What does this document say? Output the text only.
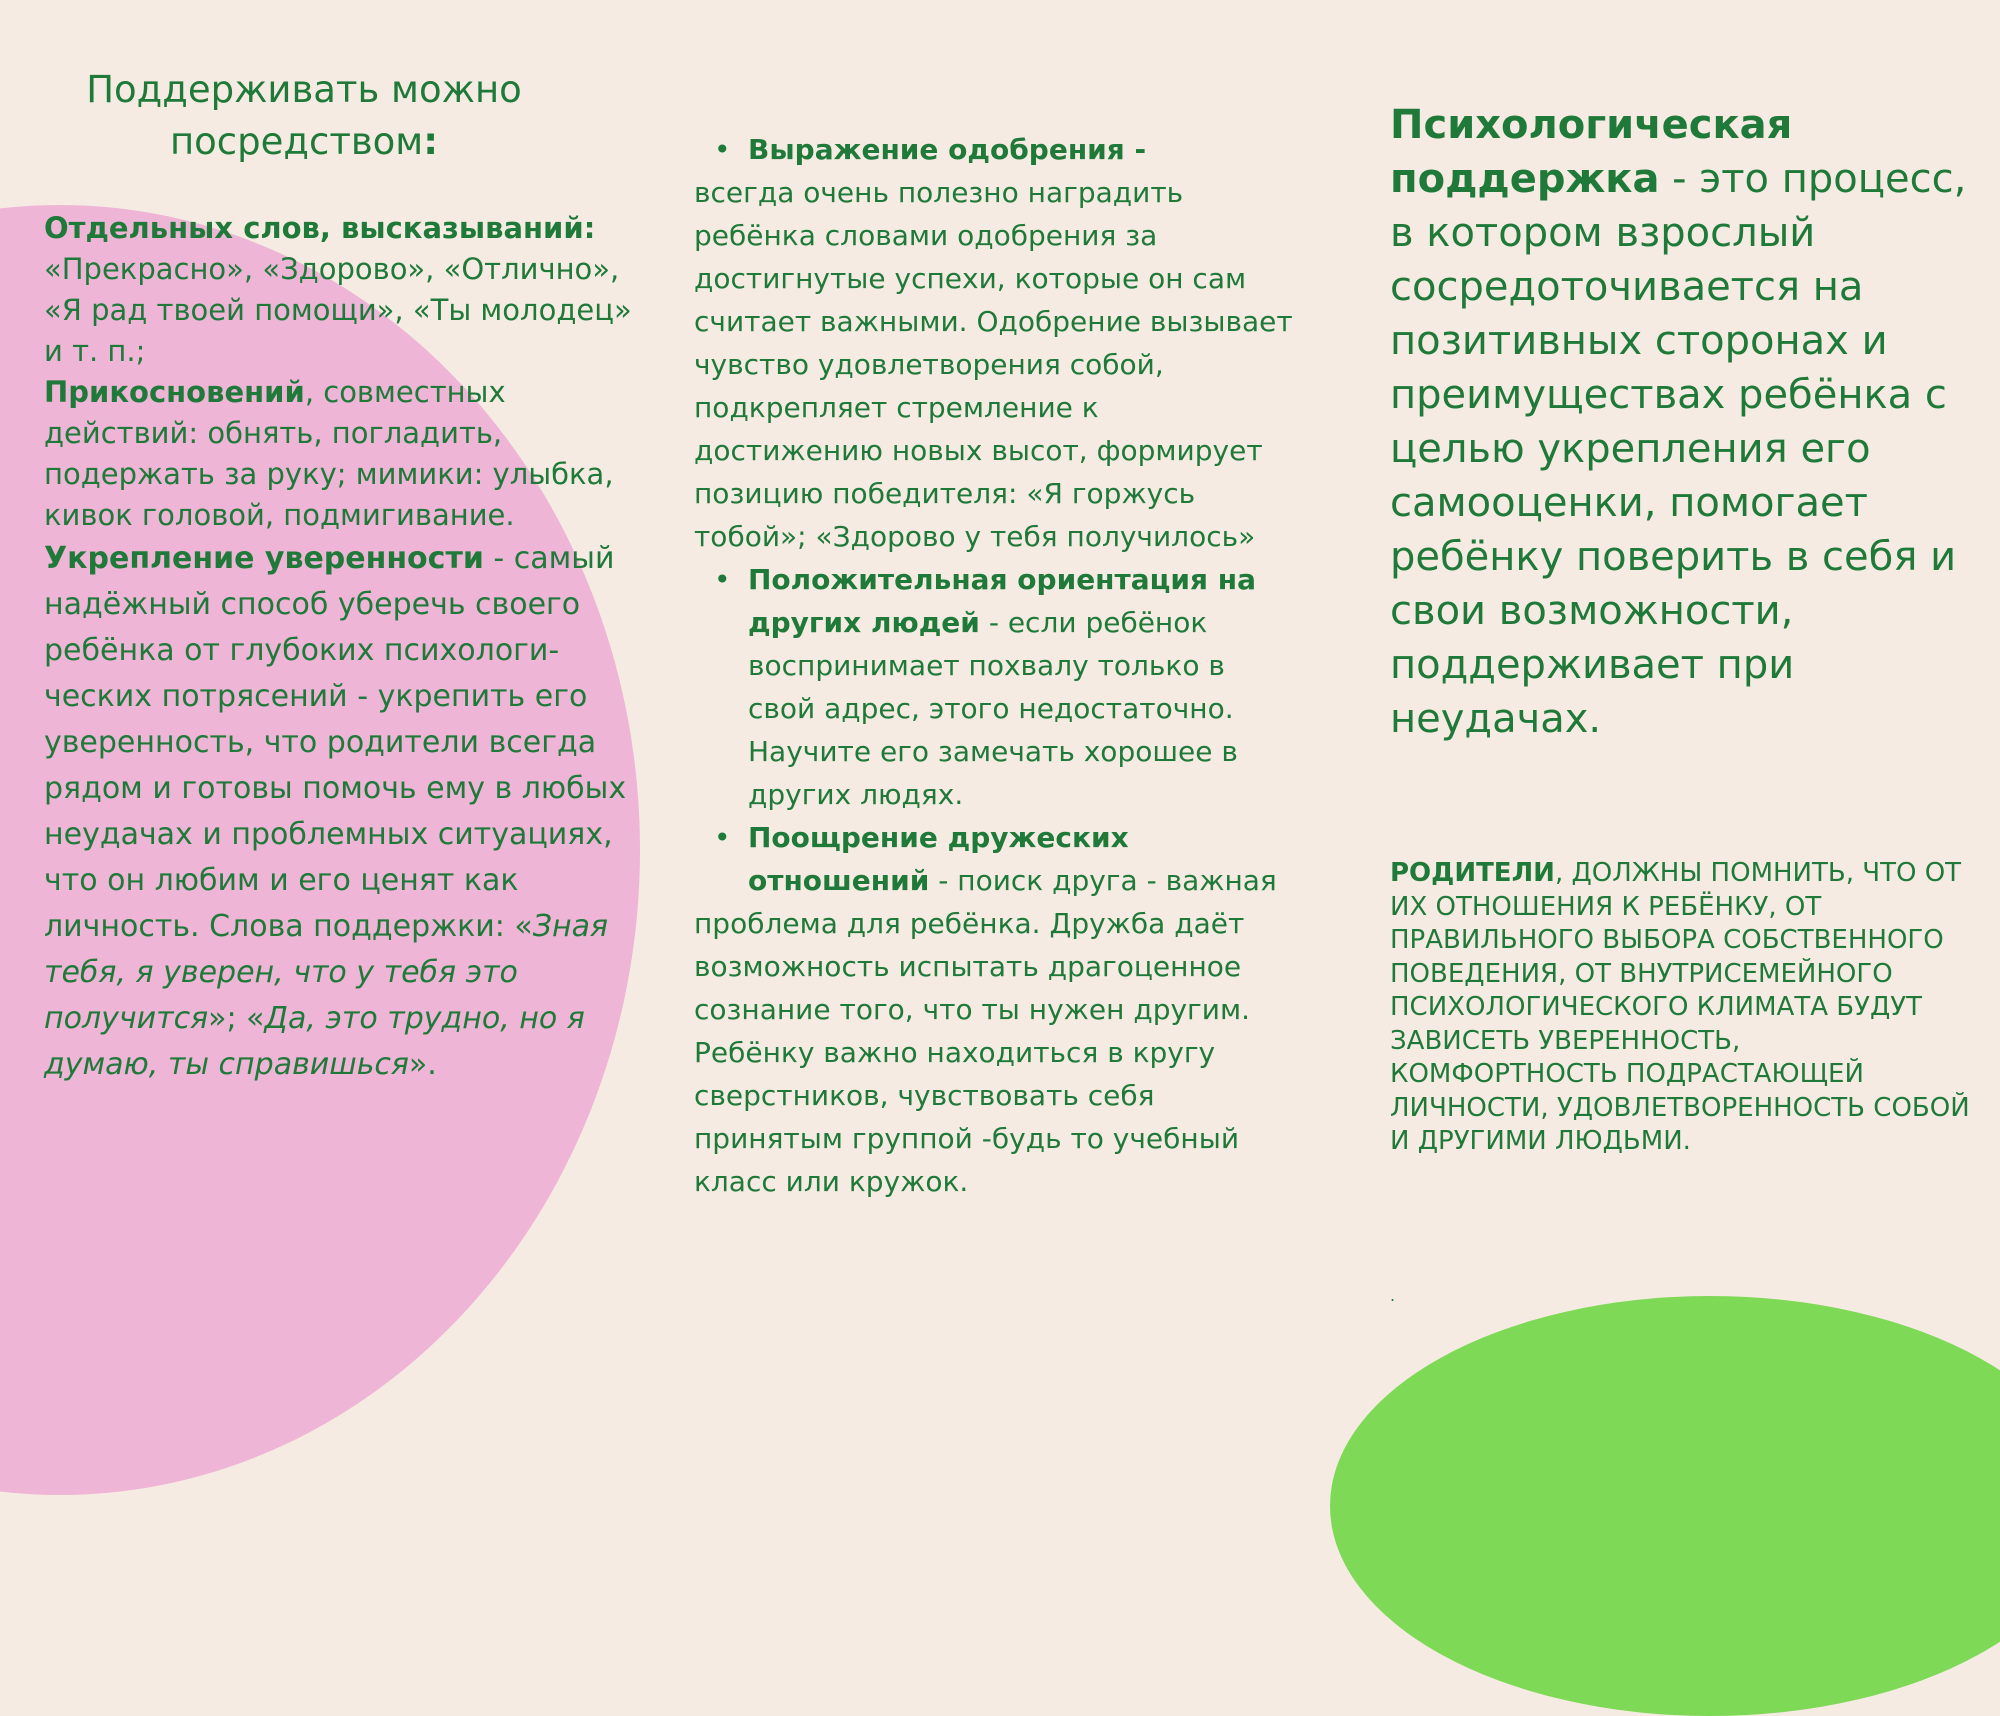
Поддерживать можно посредством:

Отдельных слов, высказываний: «Прекрасно», «Здорово», «Отлично», «Я рад твоей помощи», «Ты молодец» и т. п.;
Прикосновений, совместных действий: обнять, погладить, подержать за руку; мимики: улыбка, кивок головой, подмигивание.

Укрепление уверенности - самый надёжный способ уберечь своего ребёнка от глубоких психологи-ческих потрясений - укрепить его уверенность, что родители всегда рядом и готовы помочь ему в любых неудачах и проблемных ситуациях, что он любим и его ценят как личность. Слова поддержки: «Зная тебя, я уверен, что у тебя это получится»; «Да, это трудно, но я думаю, ты справишься».

• Выражение одобрения -
всегда очень полезно наградить ребёнка словами одобрения за достигнутые успехи, которые он сам считает важными. Одобрение вызывает чувство удовлетворения собой, подкрепляет стремление к достижению новых высот, формирует позицию победителя: «Я горжусь тобой»; «Здорово у тебя получилось»

• Положительная ориентация на других людей - если ребёнок воспринимает похвалу только в свой адрес, этого недостаточно. Научите его замечать хорошее в других людях.

• Поощрение дружеских отношений - поиск друга - важная

проблема для ребёнка. Дружба даёт возможность испытать драгоценное сознание того, что ты нужен другим. Ребёнку важно находиться в кругу сверстников, чувствовать себя принятым группой -будь то учебный класс или кружок.

Психологическая поддержка - это процесс, в котором взрослый сосредоточивается на позитивных сторонах и преимуществах ребёнка с целью укрепления его самооценки, помогает ребёнку поверить в себя и свои возможности, поддерживает при неудачах.

РОДИТЕЛИ, ДОЛЖНЫ ПОМНИТЬ, ЧТО ОТ ИХ ОТНОШЕНИЯ К РЕБЁНКУ, ОТ ПРАВИЛЬНОГО ВЫБОРА СОБСТВЕННОГО ПОВЕДЕНИЯ, ОТ ВНУТРИСЕМЕЙНОГО ПСИХОЛОГИЧЕСКОГО КЛИМАТА БУДУТ ЗАВИСЕТЬ УВЕРЕННОСТЬ, КОМФОРТНОСТЬ ПОДРАСТАЮЩЕЙ ЛИЧНОСТИ, УДОВЛЕТВОРЕННОСТЬ СОБОЙ И ДРУГИМИ ЛЮДЬМИ.

.
